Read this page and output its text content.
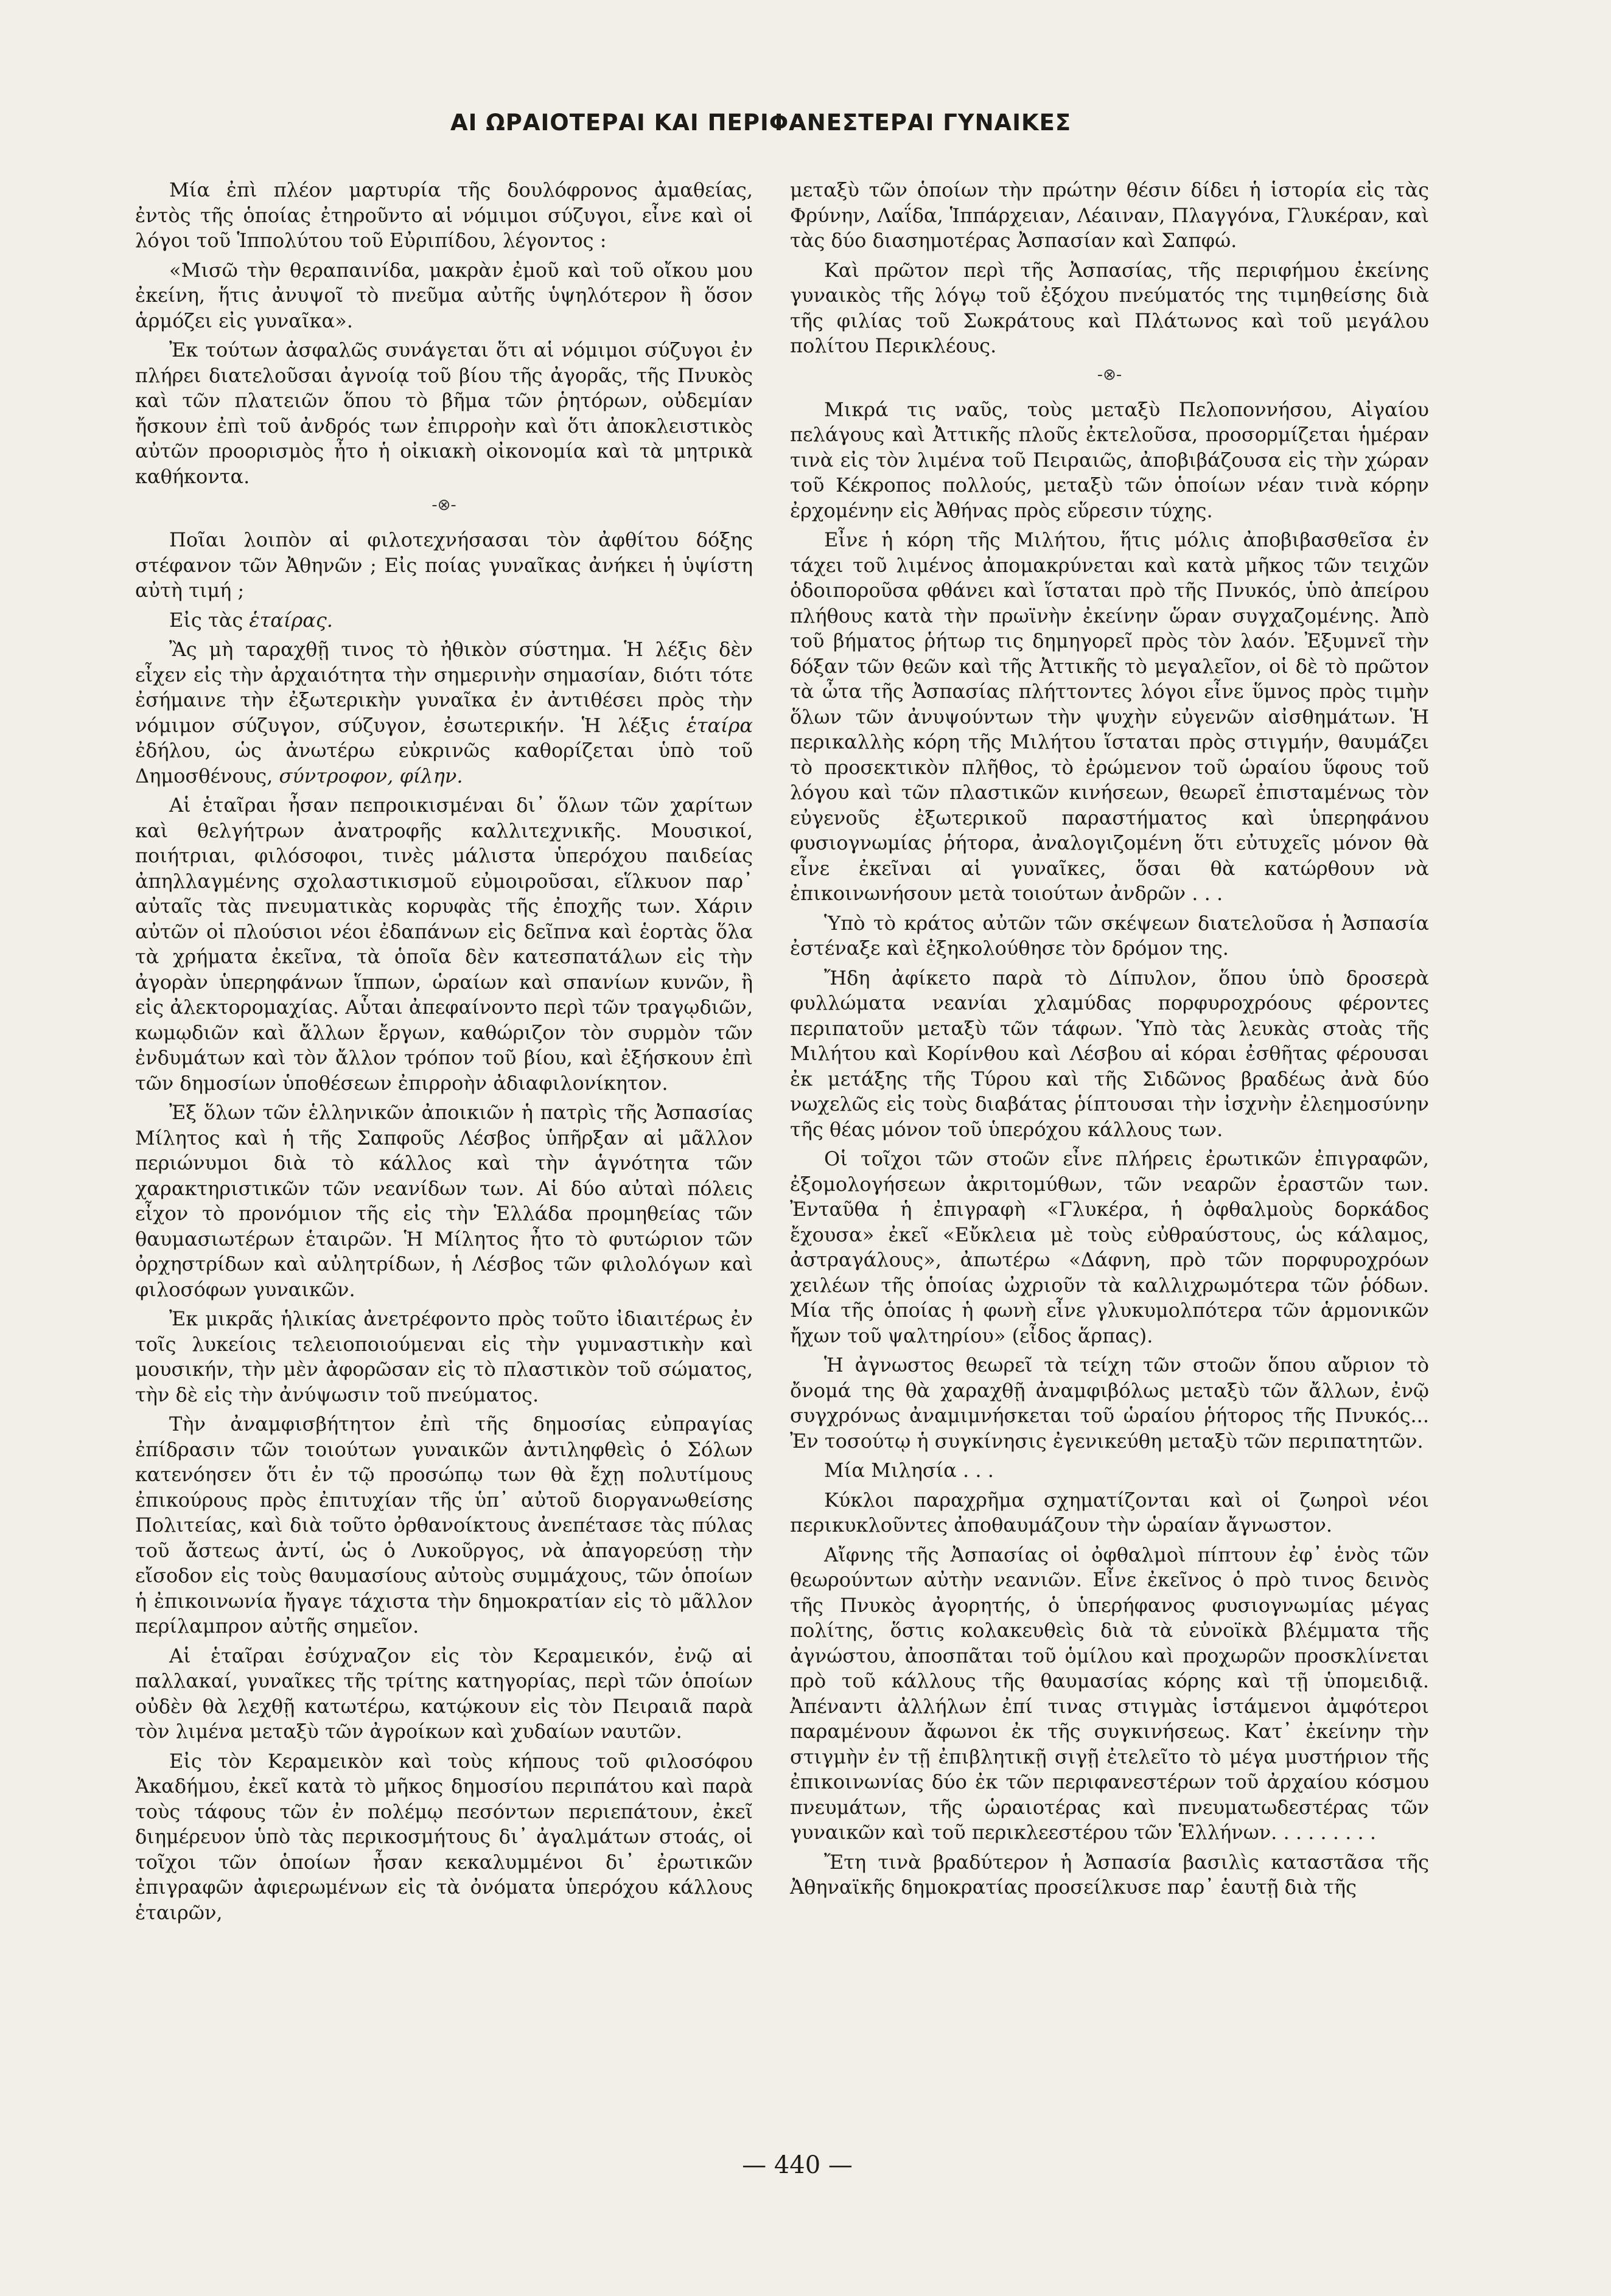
ΑΙ ΩΡΑΙΟΤΕΡΑΙ ΚΑΙ ΠΕΡΙΦΑΝΕΣΤΕΡΑΙ ΓΥΝΑΙΚΕΣ

Μία ἐπὶ πλέον μαρτυρία τῆς δουλόφρονος ἀμαθείας, ἐντὸς τῆς ὁποίας ἐτηροῦντο αἱ νόμιμοι σύζυγοι, εἶνε καὶ οἱ λόγοι τοῦ Ἱππολύτου τοῦ Εὐριπίδου, λέγοντος :

«Μισῶ τὴν θεραπαινίδα, μακρὰν ἐμοῦ καὶ τοῦ οἴκου μου ἐκείνη, ἥτις ἀνυψοῖ τὸ πνεῦμα αὐτῆς ὑψηλότερον ἢ ὅσον ἁρμόζει εἰς γυναῖκα».

Ἐκ τούτων ἀσφαλῶς συνάγεται ὅτι αἱ νόμιμοι σύζυγοι ἐν πλήρει διατελοῦσαι ἀγνοίᾳ τοῦ βίου τῆς ἀγορᾶς, τῆς Πνυκὸς καὶ τῶν πλατειῶν ὅπου τὸ βῆμα τῶν ῥητόρων, οὐδεμίαν ἤσκουν ἐπὶ τοῦ ἀνδρός των ἐπιρροὴν καὶ ὅτι ἀποκλειστικὸς αὐτῶν προορισμὸς ἦτο ἡ οἰκιακὴ οἰκονομία καὶ τὰ μητρικὰ καθήκοντα.

-⊗-

Ποῖαι λοιπὸν αἱ φιλοτεχνήσασαι τὸν ἀφθίτου δόξης στέφανον τῶν Ἀθηνῶν ; Εἰς ποίας γυναῖκας ἀνήκει ἡ ὑψίστη αὐτὴ τιμή ;

Εἰς τὰς ἑταίρας.

Ἂς μὴ ταραχθῇ τινος τὸ ἠθικὸν σύστημα. Ἡ λέξις δὲν εἶχεν εἰς τὴν ἀρχαιότητα τὴν σημερινὴν σημασίαν, διότι τότε ἐσήμαινε τὴν ἐξωτερικὴν γυναῖκα ἐν ἀντιθέσει πρὸς τὴν νόμιμον σύζυγον, σύζυγον, ἐσωτερικήν. Ἡ λέξις ἑταίρα ἐδήλου, ὡς ἀνωτέρω εὐκρινῶς καθορίζεται ὑπὸ τοῦ Δημοσθένους, σύντροφον, φίλην.

Αἱ ἑταῖραι ἦσαν πεπροικισμέναι δι᾽ ὅλων τῶν χαρίτων καὶ θελγήτρων ἀνατροφῆς καλλιτεχνικῆς. Μουσικοί, ποιήτριαι, φιλόσοφοι, τινὲς μάλιστα ὑπερόχου παιδείας ἀπηλλαγμένης σχολαστικισμοῦ εὐμοιροῦσαι, εἵλκυον παρ᾽ αὐταῖς τὰς πνευματικὰς κορυφὰς τῆς ἐποχῆς των. Χάριν αὐτῶν οἱ πλούσιοι νέοι ἐδαπάνων εἰς δεῖπνα καὶ ἑορτὰς ὅλα τὰ χρήματα ἐκεῖνα, τὰ ὁποῖα δὲν κατεσπατάλων εἰς τὴν ἀγορὰν ὑπερηφάνων ἵππων, ὡραίων καὶ σπανίων κυνῶν, ἢ εἰς ἀλεκτορομαχίας. Αὗται ἀπεφαίνοντο περὶ τῶν τραγῳδιῶν, κωμῳδιῶν καὶ ἄλλων ἔργων, καθώριζον τὸν συρμὸν τῶν ἐνδυμάτων καὶ τὸν ἄλλον τρόπον τοῦ βίου, καὶ ἐξήσκουν ἐπὶ τῶν δημοσίων ὑποθέσεων ἐπιρροὴν ἀδιαφιλονίκητον.

Ἐξ ὅλων τῶν ἑλληνικῶν ἀποικιῶν ἡ πατρὶς τῆς Ἀσπασίας Μίλητος καὶ ἡ τῆς Σαπφοῦς Λέσβος ὑπῆρξαν αἱ μᾶλλον περιώνυμοι διὰ τὸ κάλλος καὶ τὴν ἁγνότητα τῶν χαρακτηριστικῶν τῶν νεανίδων των. Αἱ δύο αὐταὶ πόλεις εἶχον τὸ προνόμιον τῆς εἰς τὴν Ἑλλάδα προμηθείας τῶν θαυμασιωτέρων ἑταιρῶν. Ἡ Μίλητος ἦτο τὸ φυτώριον τῶν ὀρχηστρίδων καὶ αὐλητρίδων, ἡ Λέσβος τῶν φιλολόγων καὶ φιλοσόφων γυναικῶν.

Ἐκ μικρᾶς ἡλικίας ἀνετρέφοντο πρὸς τοῦτο ἰδιαιτέρως ἐν τοῖς λυκείοις τελειοποιούμεναι εἰς τὴν γυμναστικὴν καὶ μουσικήν, τὴν μὲν ἀφορῶσαν εἰς τὸ πλαστικὸν τοῦ σώματος, τὴν δὲ εἰς τὴν ἀνύψωσιν τοῦ πνεύματος.

Τὴν ἀναμφισβήτητον ἐπὶ τῆς δημοσίας εὐπραγίας ἐπίδρασιν τῶν τοιούτων γυναικῶν ἀντιληφθεὶς ὁ Σόλων κατενόησεν ὅτι ἐν τῷ προσώπῳ των θὰ ἔχῃ πολυτίμους ἐπικούρους πρὸς ἐπιτυχίαν τῆς ὑπ᾽ αὐτοῦ διοργανωθείσης Πολιτείας, καὶ διὰ τοῦτο ὀρθανοίκτους ἀνεπέτασε τὰς πύλας τοῦ ἄστεως ἀντί, ὡς ὁ Λυκοῦργος, νὰ ἀπαγορεύσῃ τὴν εἴσοδον εἰς τοὺς θαυμασίους αὐτοὺς συμμάχους, τῶν ὁποίων ἡ ἐπικοινωνία ἤγαγε τάχιστα τὴν δημοκρατίαν εἰς τὸ μᾶλλον περίλαμπρον αὐτῆς σημεῖον.

Αἱ ἑταῖραι ἐσύχναζον εἰς τὸν Κεραμεικόν, ἐνῷ αἱ παλλακαί, γυναῖκες τῆς τρίτης κατηγορίας, περὶ τῶν ὁποίων οὐδὲν θὰ λεχθῇ κατωτέρω, κατῴκουν εἰς τὸν Πειραιᾶ παρὰ τὸν λιμένα μεταξὺ τῶν ἀγροίκων καὶ χυδαίων ναυτῶν.

Εἰς τὸν Κεραμεικὸν καὶ τοὺς κήπους τοῦ φιλοσόφου Ἀκαδήμου, ἐκεῖ κατὰ τὸ μῆκος δημοσίου περιπάτου καὶ παρὰ τοὺς τάφους τῶν ἐν πολέμῳ πεσόντων περιεπάτουν, ἐκεῖ διημέρευον ὑπὸ τὰς περικοσμήτους δι᾽ ἀγαλμάτων στοάς, οἱ τοῖχοι τῶν ὁποίων ἦσαν κεκαλυμμένοι δι᾽ ἐρωτικῶν ἐπιγραφῶν ἀφιερωμένων εἰς τὰ ὀνόματα ὑπερόχου κάλλους ἑταιρῶν,

μεταξὺ τῶν ὁποίων τὴν πρώτην θέσιν δίδει ἡ ἱστορία εἰς τὰς Φρύνην, Λαΐδα, Ἱππάρχειαν, Λέαιναν, Πλαγγόνα, Γλυκέραν, καὶ τὰς δύο διασημοτέρας Ἀσπασίαν καὶ Σαπφώ.

Καὶ πρῶτον περὶ τῆς Ἀσπασίας, τῆς περιφήμου ἐκείνης γυναικὸς τῆς λόγῳ τοῦ ἐξόχου πνεύματός της τιμηθείσης διὰ τῆς φιλίας τοῦ Σωκράτους καὶ Πλάτωνος καὶ τοῦ μεγάλου πολίτου Περικλέους.

-⊗-

Μικρά τις ναῦς, τοὺς μεταξὺ Πελοποννήσου, Αἰγαίου πελάγους καὶ Ἀττικῆς πλοῦς ἐκτελοῦσα, προσορμίζεται ἡμέραν τινὰ εἰς τὸν λιμένα τοῦ Πειραιῶς, ἀποβιβάζουσα εἰς τὴν χώραν τοῦ Κέκροπος πολλούς, μεταξὺ τῶν ὁποίων νέαν τινὰ κόρην ἐρχομένην εἰς Ἀθήνας πρὸς εὕρεσιν τύχης.

Εἶνε ἡ κόρη τῆς Μιλήτου, ἥτις μόλις ἀποβιβασθεῖσα ἐν τάχει τοῦ λιμένος ἀπομακρύνεται καὶ κατὰ μῆκος τῶν τειχῶν ὁδοιποροῦσα φθάνει καὶ ἵσταται πρὸ τῆς Πνυκός, ὑπὸ ἀπείρου πλήθους κατὰ τὴν πρωϊνὴν ἐκείνην ὥραν συγχαζομένης. Ἀπὸ τοῦ βήματος ῥήτωρ τις δημηγορεῖ πρὸς τὸν λαόν. Ἐξυμνεῖ τὴν δόξαν τῶν θεῶν καὶ τῆς Ἀττικῆς τὸ μεγαλεῖον, οἱ δὲ τὸ πρῶτον τὰ ὦτα τῆς Ἀσπασίας πλήττοντες λόγοι εἶνε ὕμνος πρὸς τιμὴν ὅλων τῶν ἀνυψούντων τὴν ψυχὴν εὐγενῶν αἰσθημάτων. Ἡ περικαλλὴς κόρη τῆς Μιλήτου ἵσταται πρὸς στιγμήν, θαυμάζει τὸ προσεκτικὸν πλῆθος, τὸ ἐρώμενον τοῦ ὡραίου ὕφους τοῦ λόγου καὶ τῶν πλαστικῶν κινήσεων, θεωρεῖ ἐπισταμένως τὸν εὐγενοῦς ἐξωτερικοῦ παραστήματος καὶ ὑπερηφάνου φυσιογνωμίας ῥήτορα, ἀναλογιζομένη ὅτι εὐτυχεῖς μόνον θὰ εἶνε ἐκεῖναι αἱ γυναῖκες, ὅσαι θὰ κατώρθουν νὰ ἐπικοινωνήσουν μετὰ τοιούτων ἀνδρῶν . . .

Ὑπὸ τὸ κράτος αὐτῶν τῶν σκέψεων διατελοῦσα ἡ Ἀσπασία ἐστέναξε καὶ ἐξηκολούθησε τὸν δρόμον της.

Ἤδη ἀφίκετο παρὰ τὸ Δίπυλον, ὅπου ὑπὸ δροσερὰ φυλλώματα νεανίαι χλαμύδας πορφυροχρόους φέροντες περιπατοῦν μεταξὺ τῶν τάφων. Ὑπὸ τὰς λευκὰς στοὰς τῆς Μιλήτου καὶ Κορίνθου καὶ Λέσβου αἱ κόραι ἐσθῆτας φέρουσαι ἐκ μετάξης τῆς Τύρου καὶ τῆς Σιδῶνος βραδέως ἀνὰ δύο νωχελῶς εἰς τοὺς διαβάτας ῥίπτουσαι τὴν ἰσχνὴν ἐλεημοσύνην τῆς θέας μόνον τοῦ ὑπερόχου κάλλους των.

Οἱ τοῖχοι τῶν στοῶν εἶνε πλήρεις ἐρωτικῶν ἐπιγραφῶν, ἐξομολογήσεων ἀκριτομύθων, τῶν νεαρῶν ἐραστῶν των. Ἐνταῦθα ἡ ἐπιγραφὴ «Γλυκέρα, ἡ ὀφθαλμοὺς δορκάδος ἔχουσα» ἐκεῖ «Εὔκλεια μὲ τοὺς εὐθραύστους, ὡς κάλαμος, ἀστραγάλους», ἀπωτέρω «Δάφνη, πρὸ τῶν πορφυροχρόων χειλέων τῆς ὁποίας ὠχριοῦν τὰ καλλιχρωμότερα τῶν ῥόδων. Μία τῆς ὁποίας ἡ φωνὴ εἶνε γλυκυμολπότερα τῶν ἁρμονικῶν ἤχων τοῦ ψαλτηρίου» (εἶδος ἅρπας).

Ἡ ἀγνωστος θεωρεῖ τὰ τείχη τῶν στοῶν ὅπου αὔριον τὸ ὄνομά της θὰ χαραχθῇ ἀναμφιβόλως μεταξὺ τῶν ἄλλων, ἐνῷ συγχρόνως ἀναμιμνήσκεται τοῦ ὡραίου ῥήτορος τῆς Πνυκός... Ἐν τοσούτῳ ἡ συγκίνησις ἐγενικεύθη μεταξὺ τῶν περιπατητῶν.

Μία Μιλησία . . .

Κύκλοι παραχρῆμα σχηματίζονται καὶ οἱ ζωηροὶ νέοι περικυκλοῦντες ἀποθαυμάζουν τὴν ὡραίαν ἄγνωστον.

Αἴφνης τῆς Ἀσπασίας οἱ ὀφθαλμοὶ πίπτουν ἐφ᾽ ἑνὸς τῶν θεωρούντων αὐτὴν νεανιῶν. Εἶνε ἐκεῖνος ὁ πρὸ τινος δεινὸς τῆς Πνυκὸς ἀγορητής, ὁ ὑπερήφανος φυσιογνωμίας μέγας πολίτης, ὅστις κολακευθεὶς διὰ τὰ εὐνοϊκὰ βλέμματα τῆς ἀγνώστου, ἀποσπᾶται τοῦ ὁμίλου καὶ προχωρῶν προσκλίνεται πρὸ τοῦ κάλλους τῆς θαυμασίας κόρης καὶ τῇ ὑπομειδιᾷ. Ἀπέναντι ἀλλήλων ἐπί τινας στιγμὰς ἱστάμενοι ἀμφότεροι παραμένουν ἄφωνοι ἐκ τῆς συγκινήσεως. Κατ᾽ ἐκείνην τὴν στιγμὴν ἐν τῇ ἐπιβλητικῇ σιγῇ ἐτελεῖτο τὸ μέγα μυστήριον τῆς ἐπικοινωνίας δύο ἐκ τῶν περιφανεστέρων τοῦ ἀρχαίου κόσμου πνευμάτων, τῆς ὡραιοτέρας καὶ πνευματωδεστέρας τῶν γυναικῶν καὶ τοῦ περικλεεστέρου τῶν Ἑλλήνων. . . . . . . . .

Ἔτη τινὰ βραδύτερον ἡ Ἀσπασία βασιλὶς καταστᾶσα τῆς Ἀθηναϊκῆς δημοκρατίας προσείλκυσε παρ᾽ ἑαυτῇ διὰ τῆς

— 440 —
